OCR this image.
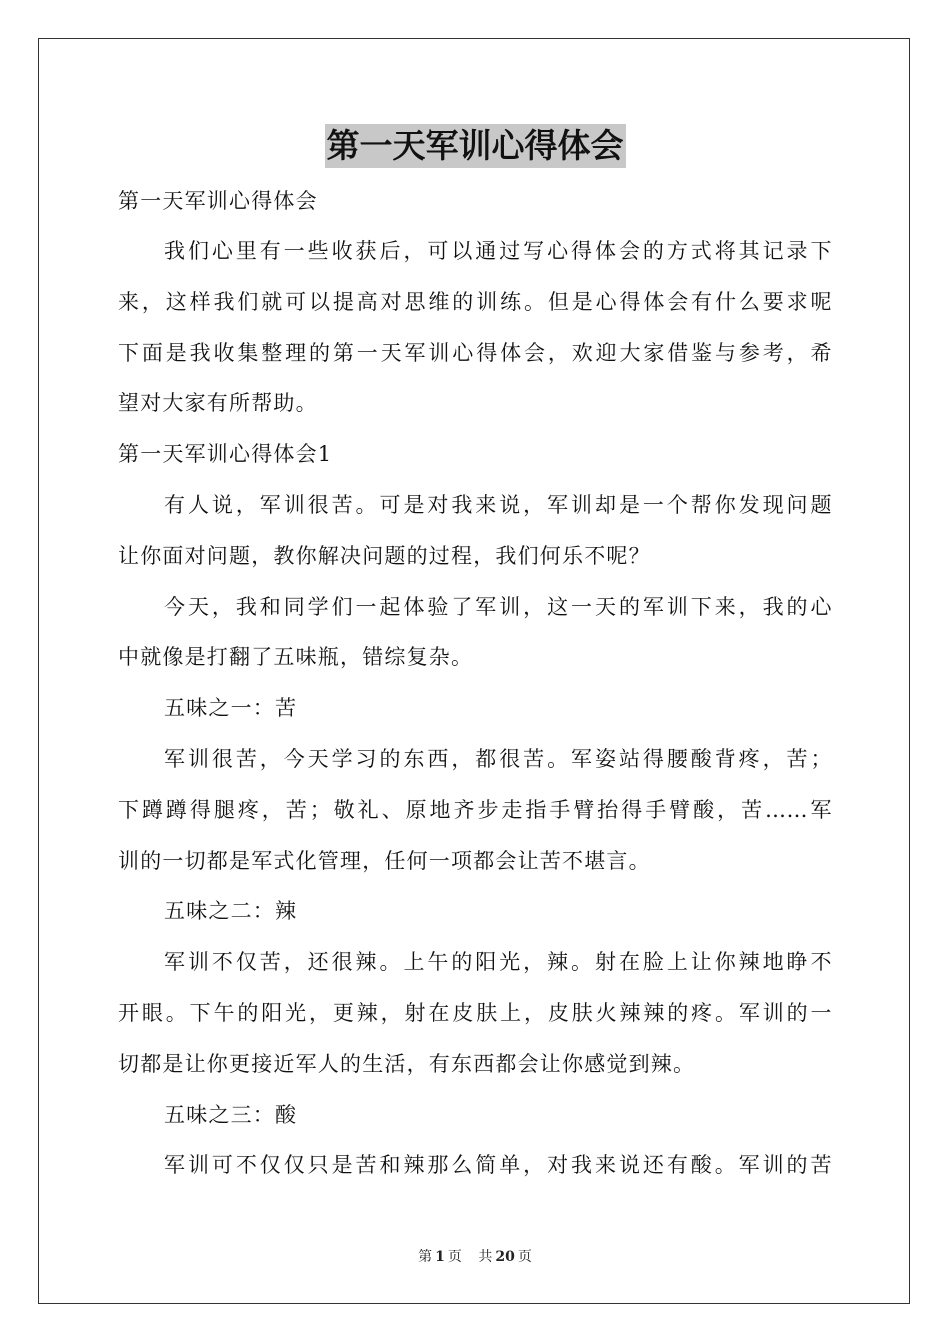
第一天军训心得体会
第一天军训心得体会
我们心里有一些收获后，可以通过写心得体会的方式将其记录下
来，这样我们就可以提高对思维的训练。但是心得体会有什么要求呢
下面是我收集整理的第一天军训心得体会，欢迎大家借鉴与参考，希
望对大家有所帮助。
第一天军训心得体会1
有人说，军训很苦。可是对我来说，军训却是一个帮你发现问题
让你面对问题，教你解决问题的过程，我们何乐不呢？
今天，我和同学们一起体验了军训，这一天的军训下来，我的心
中就像是打翻了五味瓶，错综复杂。
五味之一：苦
军训很苦，今天学习的东西，都很苦。军姿站得腰酸背疼，苦；
下蹲蹲得腿疼，苦；敬礼、原地齐步走指手臂抬得手臂酸，苦……军
训的一切都是军式化管理，任何一项都会让苦不堪言。
五味之二：辣
军训不仅苦，还很辣。上午的阳光，辣。射在脸上让你辣地睁不
开眼。下午的阳光，更辣，射在皮肤上，皮肤火辣辣的疼。军训的一
切都是让你更接近军人的生活，有东西都会让你感觉到辣。
五味之三：酸
军训可不仅仅只是苦和辣那么简单，对我来说还有酸。军训的苦
第 1 页 共 20 页
